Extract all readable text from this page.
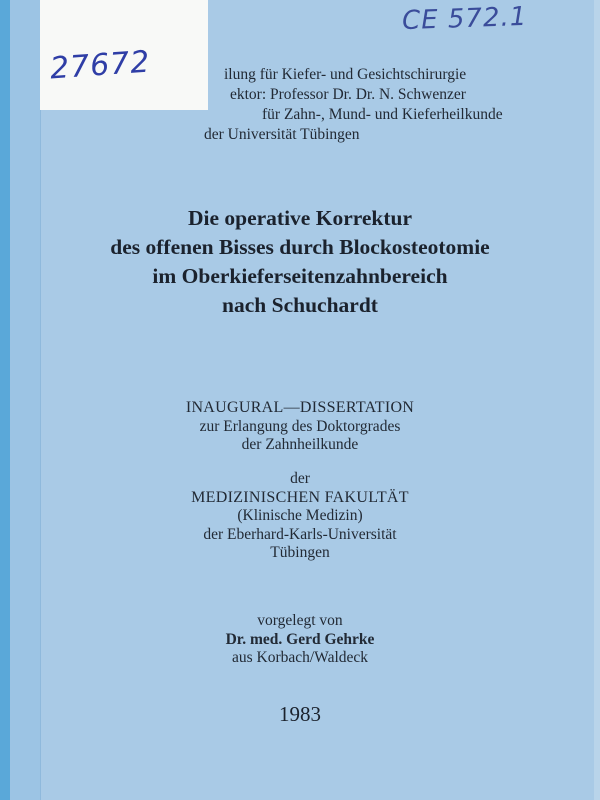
ilung für Kiefer- und Gesichtschirurgie
ektor: Professor Dr. Dr. N. Schwenzer
für Zahn-, Mund- und Kieferheilkunde
der Universität Tübingen
27672
CE 572.1
Die operative Korrektur
des offenen Bisses durch Blockosteotomie
im Oberkieferseitenzahnbereich
nach Schuchardt
INAUGURAL—DISSERTATION
zur Erlangung des Doktorgrades
der Zahnheilkunde
der
MEDIZINISCHEN FAKULTÄT
(Klinische Medizin)
der Eberhard-Karls-Universität
Tübingen
vorgelegt von
Dr. med. Gerd Gehrke
aus Korbach/Waldeck
1983
